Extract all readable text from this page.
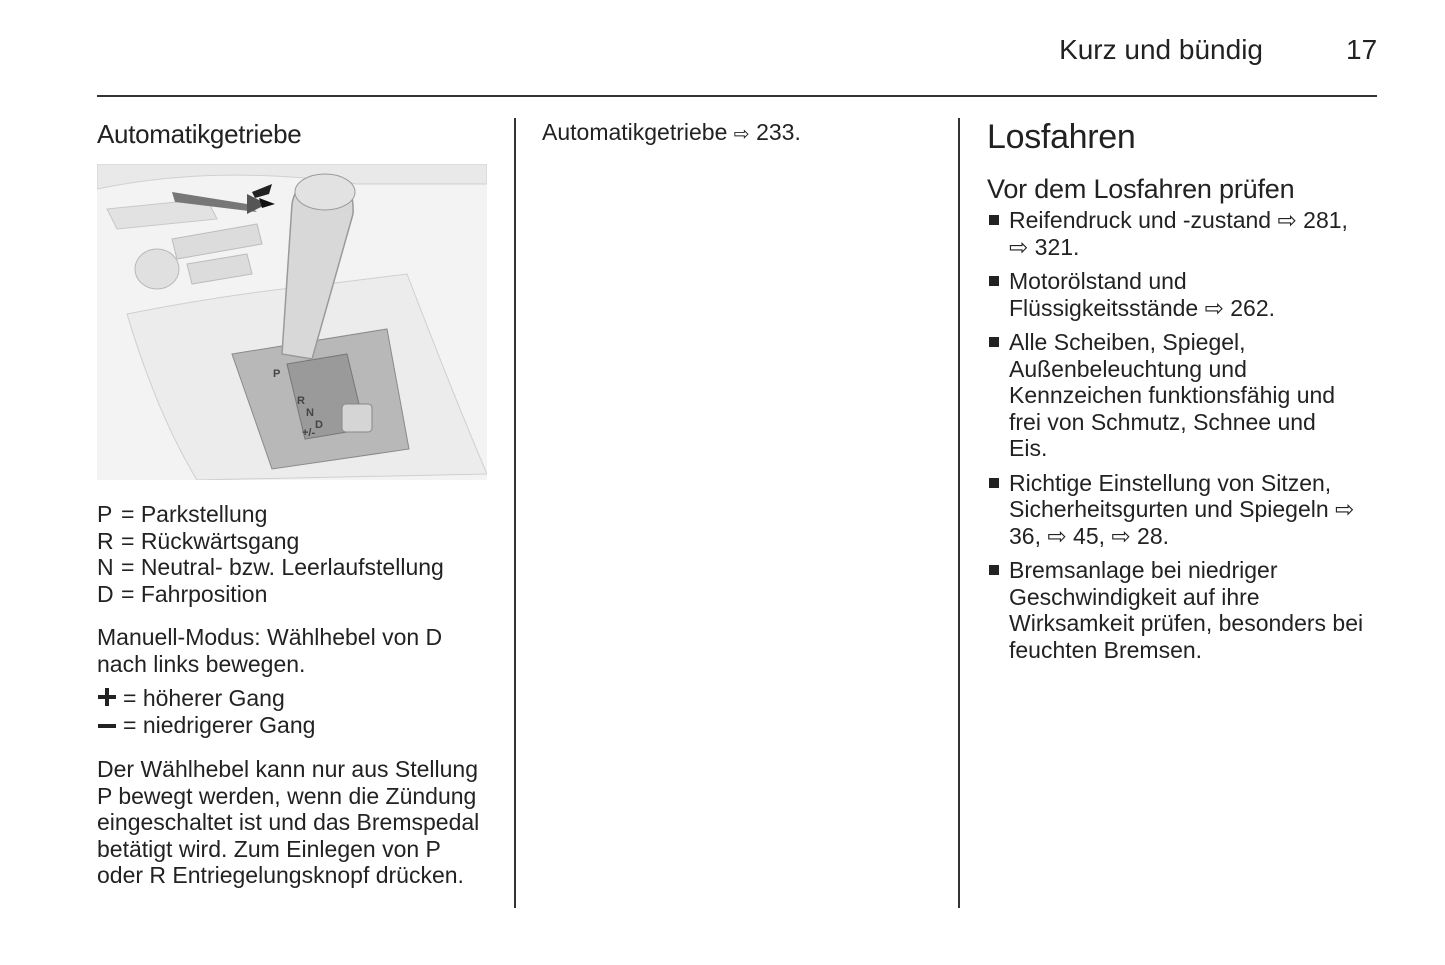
Kurz und bündig	17
Automatikgetriebe
P
R
N
D
+/-
P = Parkstellung
R = Rückwärtsgang
N = Neutral- bzw. Leerlaufstellung
D = Fahrposition

Manuell-Modus: Wählhebel von D nach links bewegen.

= höherer Gang
= niedrigerer Gang

Der Wählhebel kann nur aus Stellung P bewegt werden, wenn die Zündung eingeschaltet ist und das Bremspedal betätigt wird. Zum Einlegen von P oder R Entriegelungsknopf drücken.

Automatikgetriebe ⇨ 233.	Losfahren
Vor dem Losfahren prüfen
Reifendruck und -zustand ⇨ 281, ⇨ 321.
Motorölstand und Flüssigkeitsstände ⇨ 262.
Alle Scheiben, Spiegel, Außenbeleuchtung und Kennzeichen funktionsfähig und frei von Schmutz, Schnee und Eis.
Richtige Einstellung von Sitzen, Sicherheitsgurten und Spiegeln ⇨ 36, ⇨ 45, ⇨ 28.
Bremsanlage bei niedriger Geschwindigkeit auf ihre Wirksamkeit prüfen, besonders bei feuchten Bremsen.
